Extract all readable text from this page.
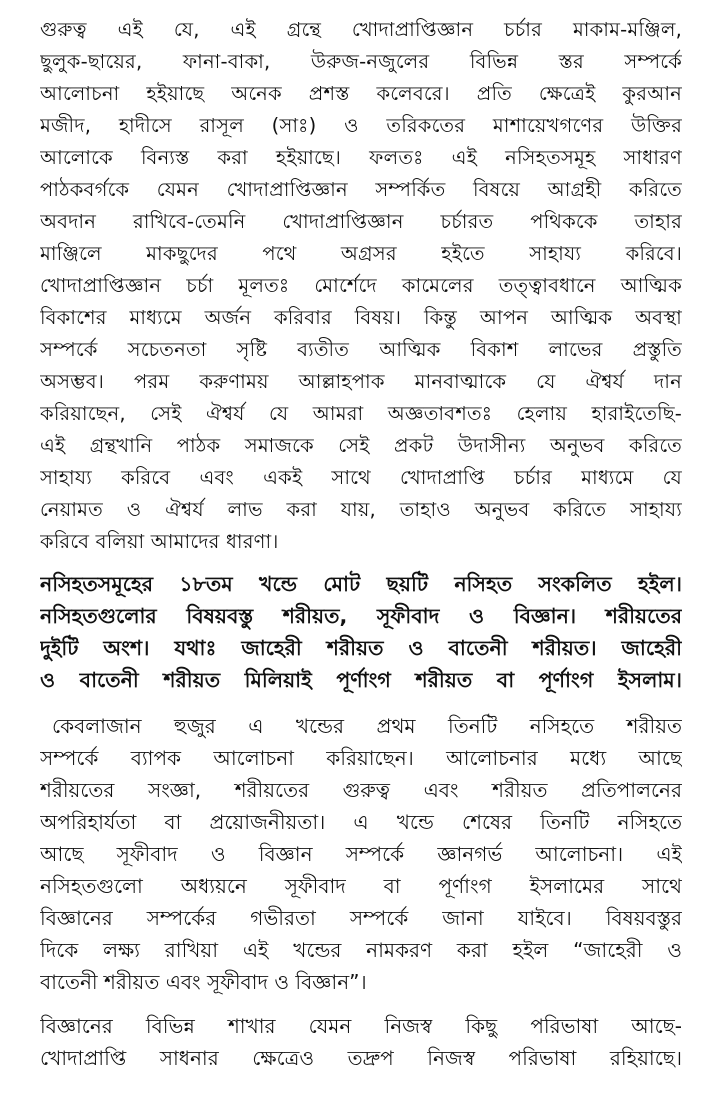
গুরুত্ব এই যে, এই গ্রন্থে খোদাপ্রাপ্তিজ্ঞান চর্চার মাকাম-মঞ্জিল,
ছুলুক-ছায়ের, ফানা-বাকা, উরুজ-নজুলের বিভিন্ন স্তর সম্পর্কে
আলোচনা হইয়াছে অনেক প্রশস্ত কলেবরে। প্রতি ক্ষেত্রেই কুরআন
মজীদ, হাদীসে রাসূল (সাঃ) ও তরিকতের মাশায়েখগণের উক্তির
আলোকে বিন্যস্ত করা হইয়াছে। ফলতঃ এই নসিহতসমূহ সাধারণ
পাঠকবর্গকে যেমন খোদাপ্রাপ্তিজ্ঞান সম্পর্কিত বিষয়ে আগ্রহী করিতে
অবদান রাখিবে-তেমনি খোদাপ্রাপ্তিজ্ঞান চর্চারত পথিককে তাহার
মাঞ্জিলে মাকছুদের পথে অগ্রসর হইতে সাহায্য করিবে।
খোদাপ্রাপ্তিজ্ঞান চর্চা মূলতঃ মোর্শেদে কামেলের তত্ত্বাবধানে আত্মিক
বিকাশের মাধ্যমে অর্জন করিবার বিষয়। কিন্তু আপন আত্মিক অবস্থা
সম্পর্কে সচেতনতা সৃষ্টি ব্যতীত আত্মিক বিকাশ লাভের প্রস্তুতি
অসম্ভব। পরম করুণাময় আল্লাহপাক মানবাত্মাকে যে ঐশ্বর্য দান
করিয়াছেন, সেই ঐশ্বর্য যে আমরা অজ্ঞতাবশতঃ হেলায় হারাইতেছি-
এই গ্রন্থখানি পাঠক সমাজকে সেই প্রকট উদাসীন্য অনুভব করিতে
সাহায্য করিবে এবং একই সাথে খোদাপ্রাপ্তি চর্চার মাধ্যমে যে
নেয়ামত ও ঐশ্বর্য লাভ করা যায়, তাহাও অনুভব করিতে সাহায্য
করিবে বলিয়া আমাদের ধারণা।
নসিহতসমূহের ১৮তম খন্ডে মোট ছয়টি নসিহত সংকলিত হইল।
নসিহতগুলোর বিষয়বস্তু শরীয়ত, সূফীবাদ ও বিজ্ঞান। শরীয়তের
দুইটি অংশ। যথাঃ জাহেরী শরীয়ত ও বাতেনী শরীয়ত। জাহেরী
ও বাতেনী শরীয়ত মিলিয়াই পূর্ণাংগ শরীয়ত বা পূর্ণাংগ ইসলাম।
কেবলাজান হুজুর এ খন্ডের প্রথম তিনটি নসিহতে শরীয়ত
সম্পর্কে ব্যাপক আলোচনা করিয়াছেন। আলোচনার মধ্যে আছে
শরীয়তের সংজ্ঞা, শরীয়তের গুরুত্ব এবং শরীয়ত প্রতিপালনের
অপরিহার্যতা বা প্রয়োজনীয়তা। এ খন্ডে শেষের তিনটি নসিহতে
আছে সূফীবাদ ও বিজ্ঞান সম্পর্কে জ্ঞানগর্ভ আলোচনা। এই
নসিহতগুলো অধ্যয়নে সূফীবাদ বা পূর্ণাংগ ইসলামের সাথে
বিজ্ঞানের সম্পর্কের গভীরতা সম্পর্কে জানা যাইবে। বিষয়বস্তুর
দিকে লক্ষ্য রাখিয়া এই খন্ডের নামকরণ করা হইল “জাহেরী ও
বাতেনী শরীয়ত এবং সূফীবাদ ও বিজ্ঞান”।
বিজ্ঞানের বিভিন্ন শাখার যেমন নিজস্ব কিছু পরিভাষা আছে-
খোদাপ্রাপ্তি সাধনার ক্ষেত্রেও তদ্রুপ নিজস্ব পরিভাষা রহিয়াছে।
